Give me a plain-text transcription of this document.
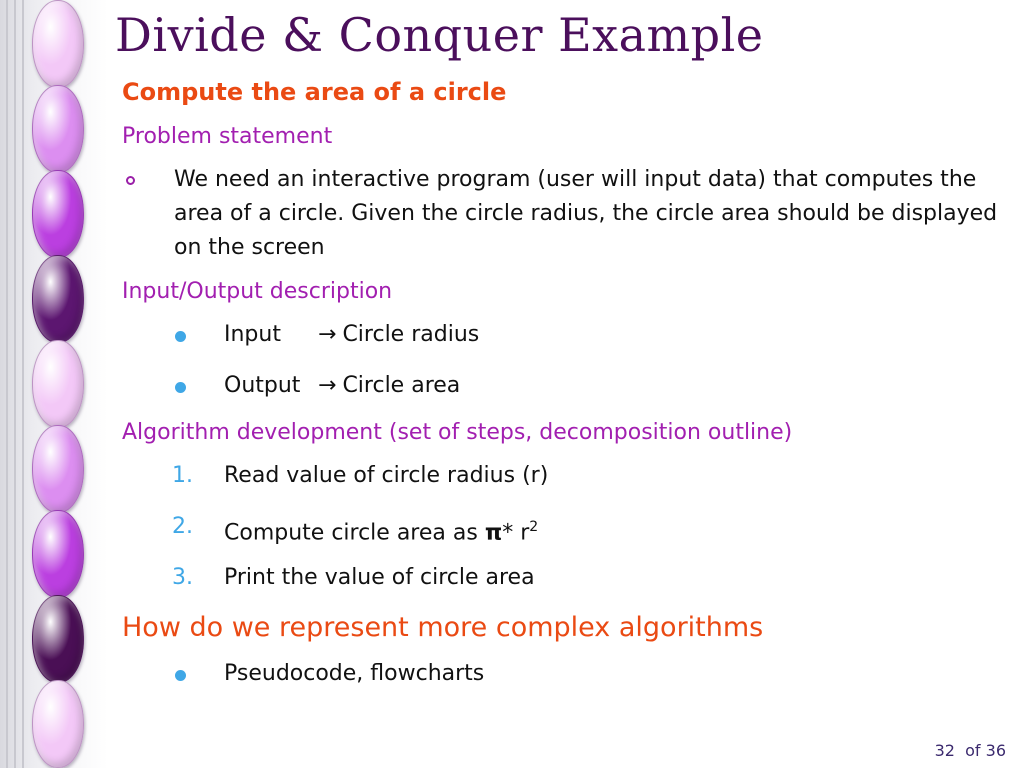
Divide & Conquer Example
Compute the area of a circle
Problem statement
We need an interactive program (user will input data) that computes the area of a circle. Given the circle radius, the circle area should be displayed on the screen
Input/Output description
Input → Circle radius
Output → Circle area
Algorithm development (set of steps, decomposition outline)
1. Read value of circle radius (r)
2. Compute circle area as π* $r^2$
3. Print the value of circle area
How do we represent more complex algorithms
Pseudocode, flowcharts
32 of 36
